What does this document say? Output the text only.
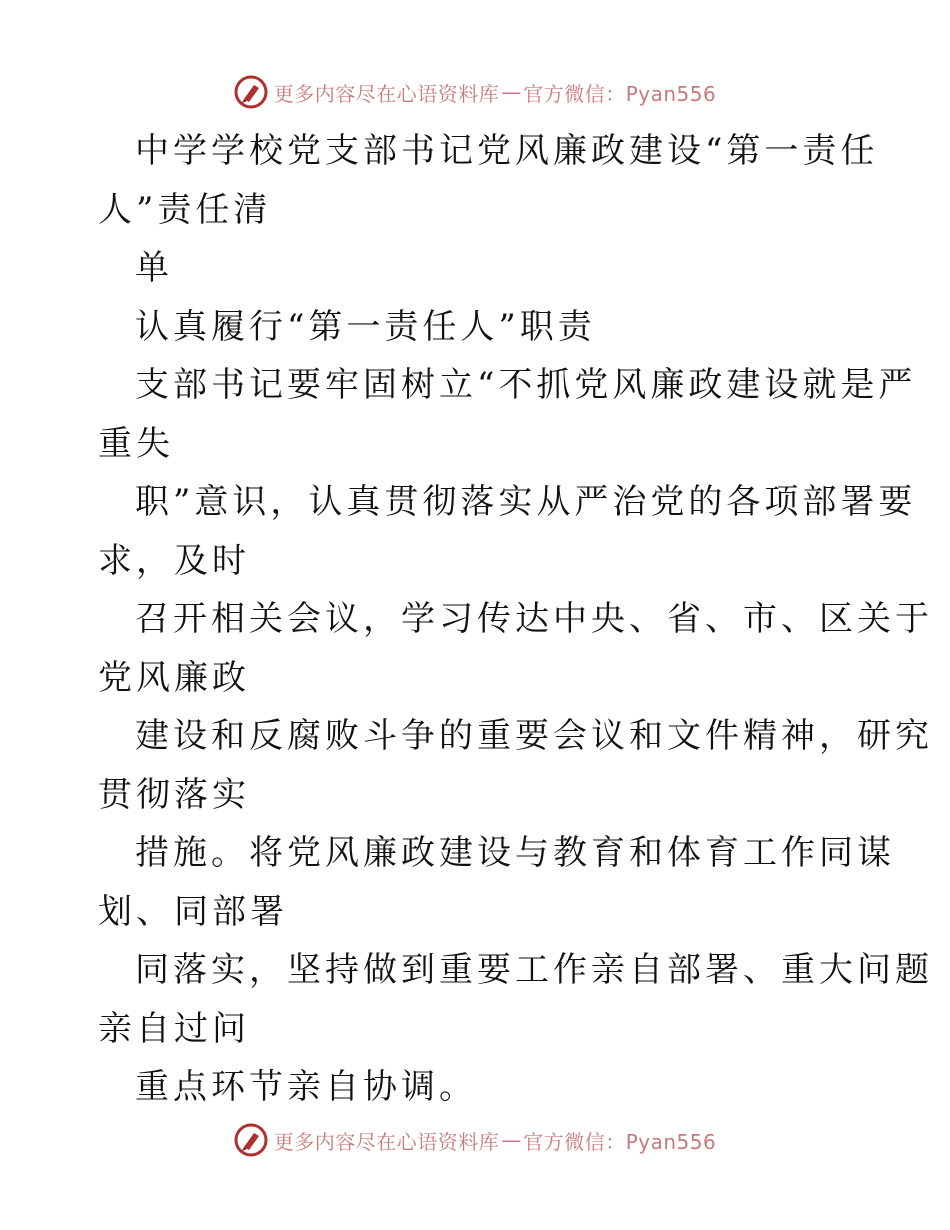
更多内容尽在心语资料库 — 官方微信：Pyan556
中学学校党支部书记党风廉政建设“第一责任
人”责任清
单
认真履行“第一责任人”职责
支部书记要牢固树立“不抓党风廉政建设就是严
重失
职”意识，认真贯彻落实从严治党的各项部署要
求，及时
召开相关会议，学习传达中央、省、市、区关于
党风廉政
建设和反腐败斗争的重要会议和文件精神，研究
贯彻落实
措施。将党风廉政建设与教育和体育工作同谋
划、同部署
同落实，坚持做到重要工作亲自部署、重大问题
亲自过问
重点环节亲自协调。
更多内容尽在心语资料库 — 官方微信：Pyan556
